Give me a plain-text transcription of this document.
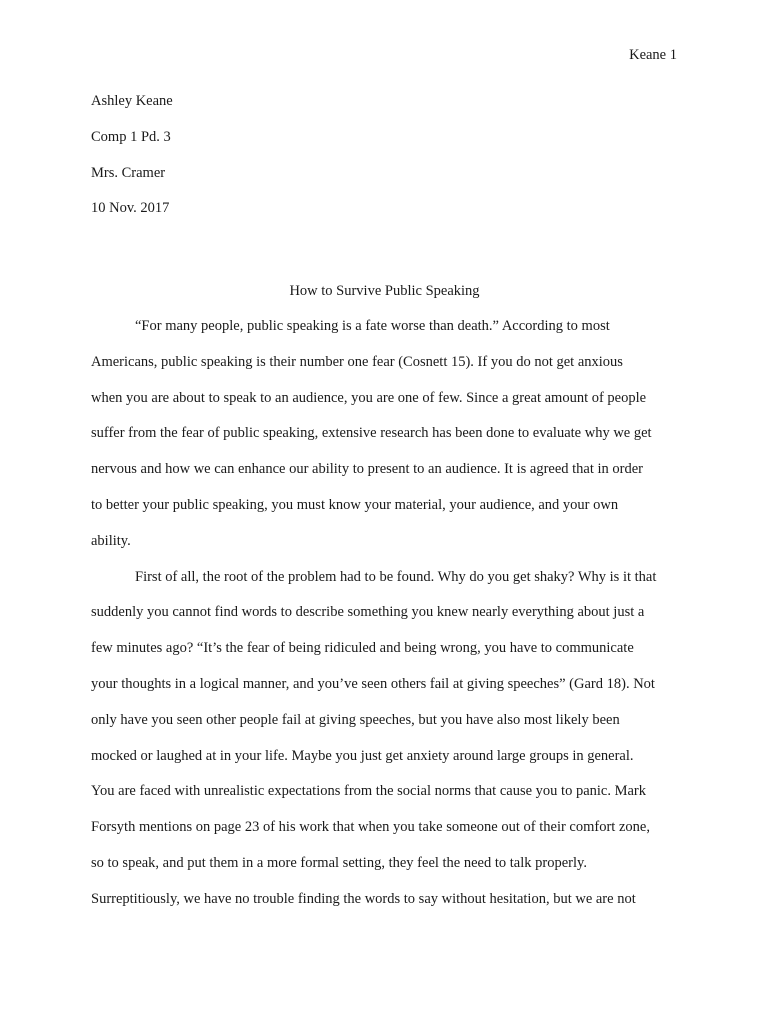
Keane 1
Ashley Keane
Comp 1 Pd. 3
Mrs. Cramer
10 Nov. 2017
How to Survive Public Speaking
“For many people, public speaking is a fate worse than death.” According to most
Americans, public speaking is their number one fear (Cosnett 15). If you do not get anxious
when you are about to speak to an audience, you are one of few. Since a great amount of people
suffer from the fear of public speaking, extensive research has been done to evaluate why we get
nervous and how we can enhance our ability to present to an audience. It is agreed that in order
to better your public speaking, you must know your material, your audience, and your own
ability.
First of all, the root of the problem had to be found. Why do you get shaky? Why is it that
suddenly you cannot find words to describe something you knew nearly everything about just a
few minutes ago? “It’s the fear of being ridiculed and being wrong, you have to communicate
your thoughts in a logical manner, and you’ve seen others fail at giving speeches” (Gard 18). Not
only have you seen other people fail at giving speeches, but you have also most likely been
mocked or laughed at in your life. Maybe you just get anxiety around large groups in general.
You are faced with unrealistic expectations from the social norms that cause you to panic. Mark
Forsyth mentions on page 23 of his work that when you take someone out of their comfort zone,
so to speak, and put them in a more formal setting, they feel the need to talk properly.
Surreptitiously, we have no trouble finding the words to say without hesitation, but we are not
